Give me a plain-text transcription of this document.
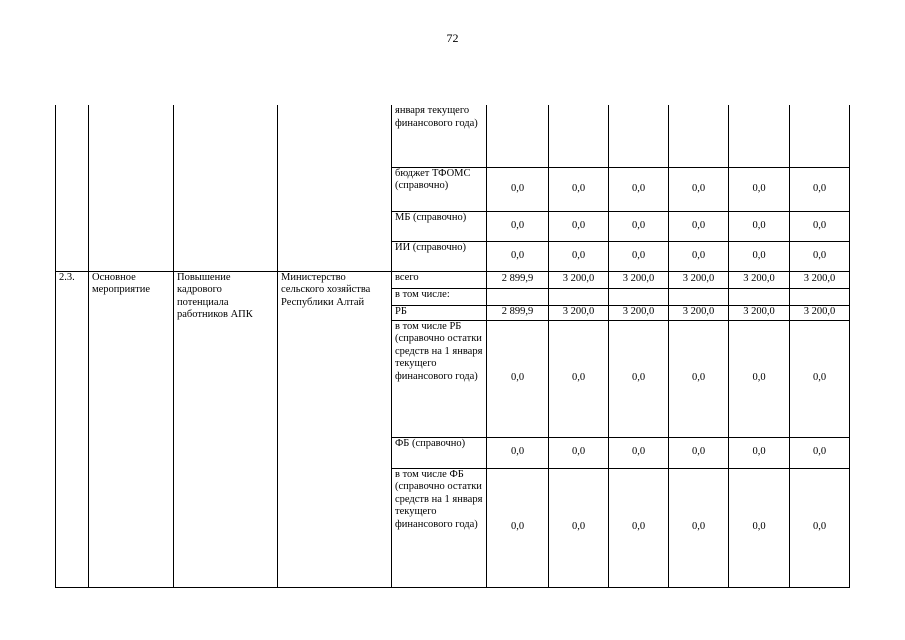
72
				января текущего финансового года)						
				бюджет ТФОМС (справочно)	0,0	0,0	0,0	0,0	0,0	0,0
				МБ (справочно)	0,0	0,0	0,0	0,0	0,0	0,0
				ИИ (справочно)	0,0	0,0	0,0	0,0	0,0	0,0
2.3.	Основное мероприятие	Повышение кадрового потенциала работников АПК	Министерство сельского хозяйства Республики Алтай	всего	2 899,9	3 200,0	3 200,0	3 200,0	3 200,0	3 200,0
				в том числе:						
				РБ	2 899,9	3 200,0	3 200,0	3 200,0	3 200,0	3 200,0
				в том числе РБ (справочно остатки средств на 1 января текущего финансового года)	0,0	0,0	0,0	0,0	0,0	0,0
				ФБ (справочно)	0,0	0,0	0,0	0,0	0,0	0,0
				в том числе ФБ (справочно остатки средств на 1 января текущего финансового года)	0,0	0,0	0,0	0,0	0,0	0,0
